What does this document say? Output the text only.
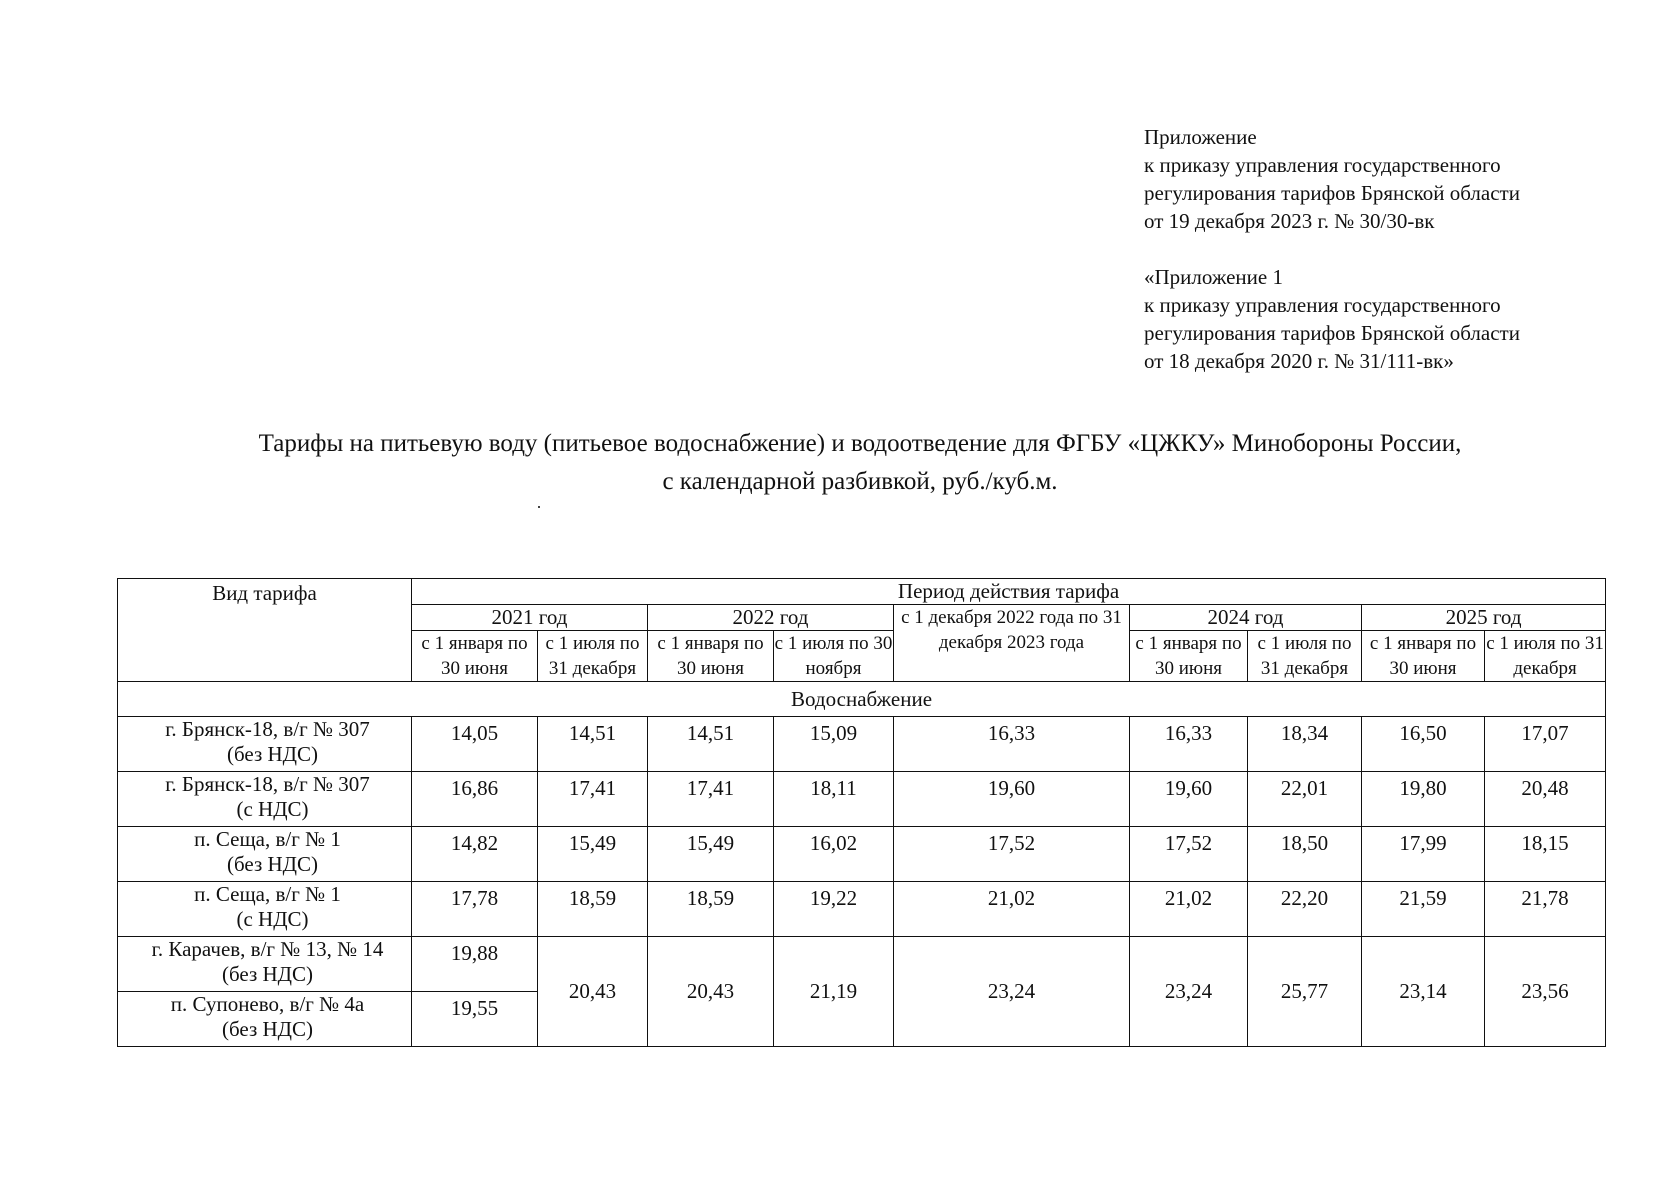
Приложение
к приказу управления государственного
регулирования тарифов Брянской области
от 19 декабря 2023 г. № 30/30-вк
«Приложение 1
к приказу управления государственного
регулирования тарифов Брянской области
от 18 декабря 2020 г. № 31/111-вк»
Тарифы на питьевую воду (питьевое водоснабжение) и водоотведение для ФГБУ «ЦЖКУ» Минобороны России,
с календарной разбивкой, руб./куб.м.
Вид тарифа	Период действия тарифа								
	2021 год		2022 год		с 1 декабря 2022 года по 31 декабря 2023 года	2024 год		2025 год	
	с 1 января по 30 июня	с 1 июля по 31 декабря	с 1 января по 30 июня	с 1 июля по 30 ноября		с 1 января по 30 июня	с 1 июля по 31 декабря	с 1 января по 30 июня	с 1 июля по 31 декабря
Водоснабжение									

г. Брянск-18, в/г № 307
(без НДС)	14,05	14,51	14,51	15,09	16,33	16,33	18,34	16,50	17,07

г. Брянск-18, в/г № 307
(с НДС)	16,86	17,41	17,41	18,11	19,60	19,60	22,01	19,80	20,48

п. Сеща, в/г № 1
(без НДС)	14,82	15,49	15,49	16,02	17,52	17,52	18,50	17,99	18,15

п. Сеща, в/г № 1
(с НДС)	17,78	18,59	18,59	19,22	21,02	21,02	22,20	21,59	21,78

г. Карачев, в/г № 13, № 14
(без НДС)	19,88	20,43	20,43	21,19	23,24	23,24	25,77	23,14	23,56

п. Супонево, в/г № 4а
(без НДС)	19,55								
